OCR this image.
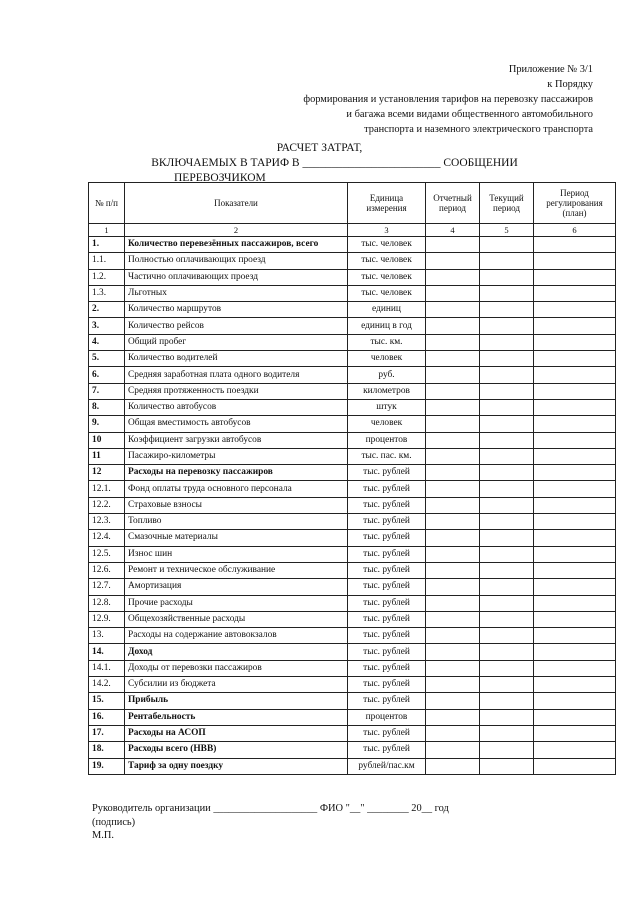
Приложение № 3/1
к Порядку
формирования и установления тарифов на перевозку пассажиров
и багажа всеми видами общественного автомобильного
транспорта и наземного электрического транспорта
РАСЧЕТ ЗАТРАТ,
ВКЛЮЧАЕМЫХ В ТАРИФ В ________________________ СООБЩЕНИИ
ПЕРЕВОЗЧИКОМ _____________________________________________
№ п/п	Показатели	Единица измерения	Отчетный период	Текущий период	Период регулирования (план)
1	2	3	4	5	6
1.	Количество перевезённых пассажиров, всего	тыс. человек			
1.1.	Полностью оплачивающих проезд	тыс. человек			
1.2.	Частично оплачивающих проезд	тыс. человек			
1.3.	Льготных	тыс. человек			
2.	Количество маршрутов	единиц			
3.	Количество рейсов	единиц в год			
4.	Общий пробег	тыс. км.			
5.	Количество водителей	человек			
6.	Средняя заработная плата одного водителя	руб.			
7.	Средняя протяженность поездки	километров			
8.	Количество автобусов	штук			
9.	Общая вместимость автобусов	человек			
10	Коэффициент загрузки автобусов	процентов			
11	Пасажиро-километры	тыс. пас. км.			
12	Расходы на перевозку пассажиров	тыс. рублей			
12.1.	Фонд оплаты труда основного персонала	тыс. рублей			
12.2.	Страховые взносы	тыс. рублей			
12.3.	Топливо	тыс. рублей			
12.4.	Смазочные материалы	тыс. рублей			
12.5.	Износ шин	тыс. рублей			
12.6.	Ремонт и техническое обслуживание	тыс. рублей			
12.7.	Амортизация	тыс. рублей			
12.8.	Прочие расходы	тыс. рублей			
12.9.	Общехозяйственные расходы	тыс. рублей			
13.	Расходы на содержание автовокзалов	тыс. рублей			
14.	Доход	тыс. рублей			
14.1.	Доходы от перевозки пассажиров	тыс. рублей			
14.2.	Субсилии из бюджета	тыс. рублей			
15.	Прибыль	тыс. рублей			
16.	Рентабельность	процентов			
17.	Расходы на АСОП	тыс. рублей			
18.	Расходы всего (НВВ)	тыс. рублей			
19.	Тариф за одну поездку	рублей/пас.км			
Руководитель организации ____________________ ФИО "__" ________ 20__ год
(подпись)
М.П.
